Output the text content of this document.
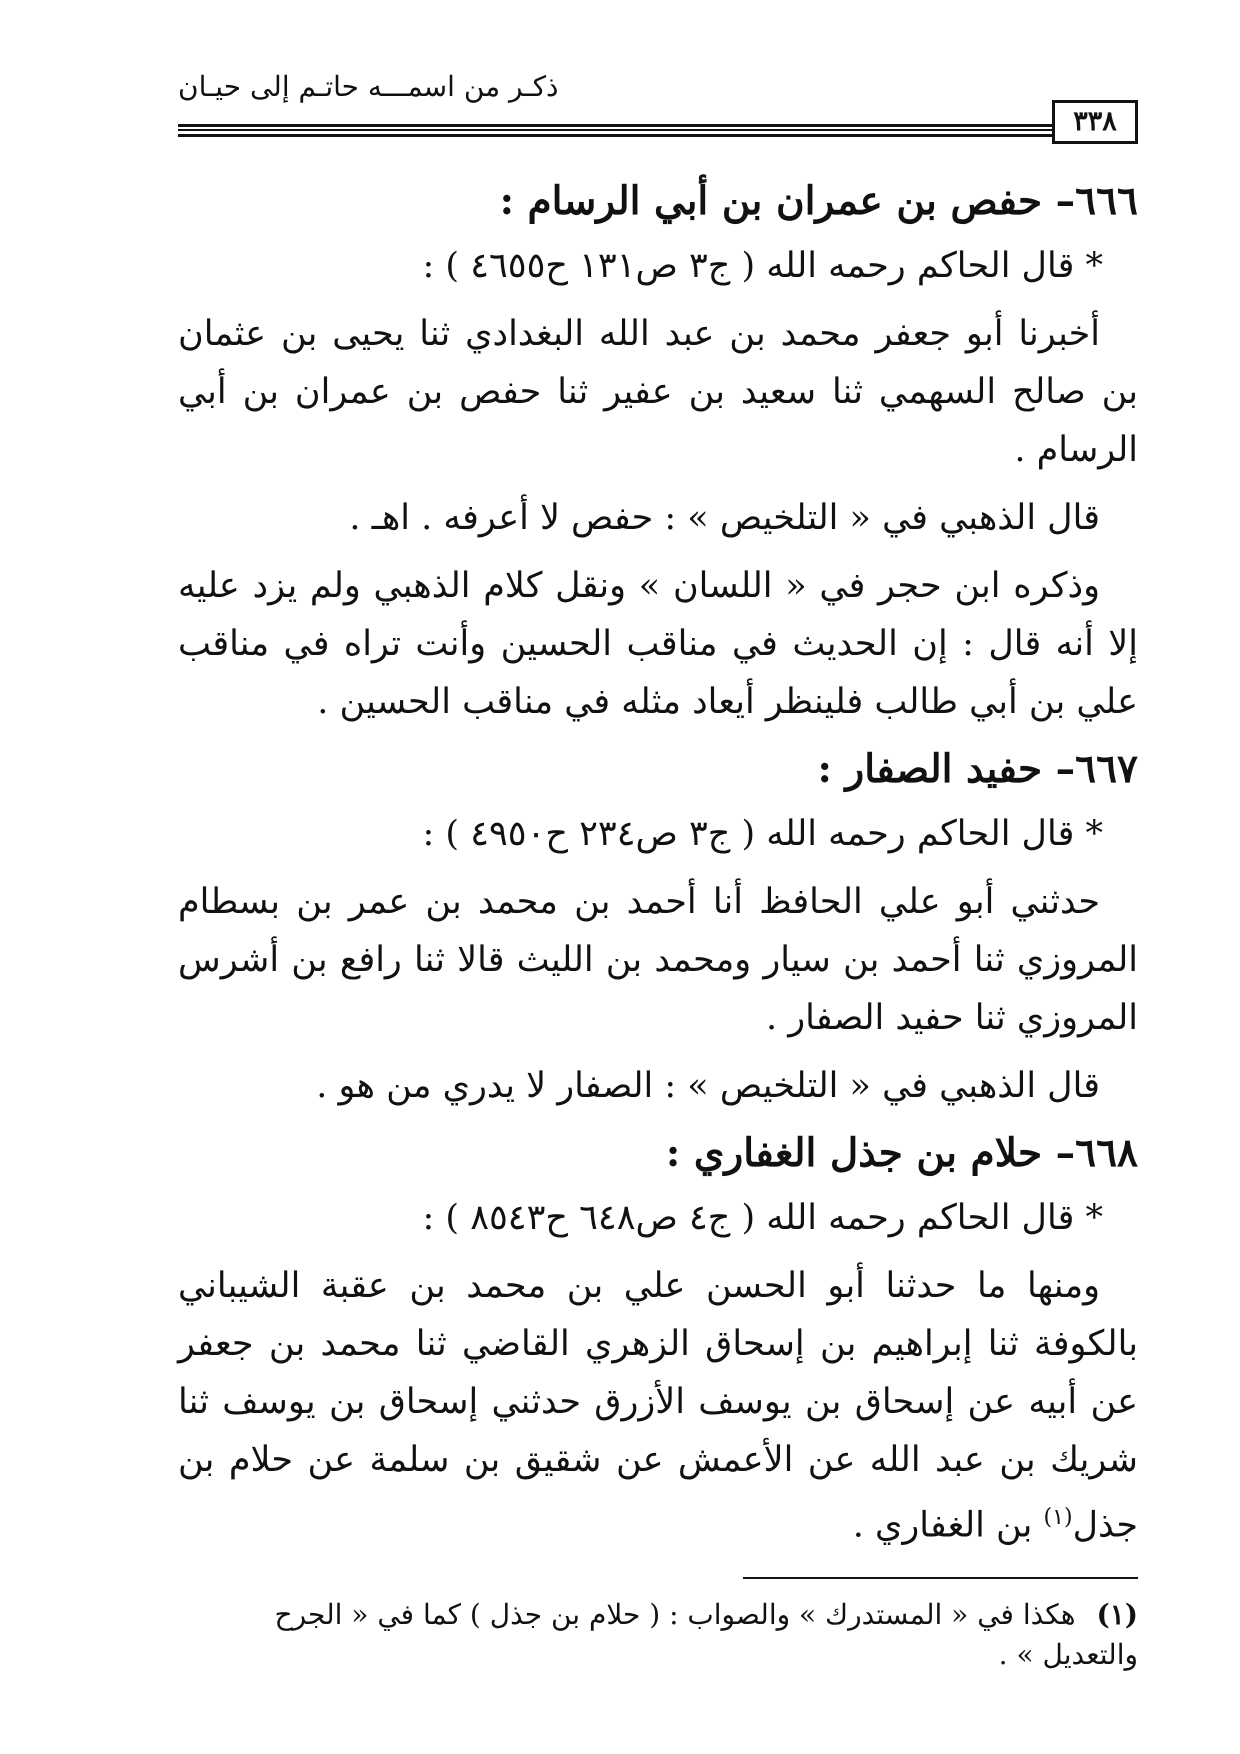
ذكـر من اسمـــه حاتـم إلى حيـان
٣٣٨
٦٦٦– حفص بن عمران بن أبي الرسام :
* قال الحاكم رحمه الله ( ج٣ ص١٣١ ح٤٦٥٥ ) :

أخبرنا أبو جعفر محمد بن عبد الله البغدادي ثنا يحيى بن عثمان بن صالح السهمي ثنا سعيد بن عفير ثنا حفص بن عمران بن أبي الرسام .

قال الذهبي في « التلخيص » : حفص لا أعرفه . اهـ .

وذكره ابن حجر في « اللسان » ونقل كلام الذهبي ولم يزد عليه إلا أنه قال : إن الحديث في مناقب الحسين وأنت تراه في مناقب علي بن أبي طالب فلينظر أيعاد مثله في مناقب الحسين .

٦٦٧– حفيد الصفار :
* قال الحاكم رحمه الله ( ج٣ ص٢٣٤ ح٤٩٥٠ ) :

حدثني أبو علي الحافظ أنا أحمد بن محمد بن عمر بن بسطام المروزي ثنا أحمد بن سيار ومحمد بن الليث قالا ثنا رافع بن أشرس المروزي ثنا حفيد الصفار .

قال الذهبي في « التلخيص » : الصفار لا يدري من هو .

٦٦٨– حلام بن جذل الغفاري :
* قال الحاكم رحمه الله ( ج٤ ص٦٤٨ ح٨٥٤٣ ) :

ومنها ما حدثنا أبو الحسن علي بن محمد بن عقبة الشيباني بالكوفة ثنا إبراهيم بن إسحاق الزهري القاضي ثنا محمد بن جعفر عن أبيه عن إسحاق بن يوسف الأزرق حدثني إسحاق بن يوسف ثنا شريك بن عبد الله عن الأعمش عن شقيق بن سلمة عن حلام بن جذل$^{(١)}$ بن الغفاري .

(١) هكذا في « المستدرك » والصواب : ( حلام بن جذل ) كما في « الجرح والتعديل » .
